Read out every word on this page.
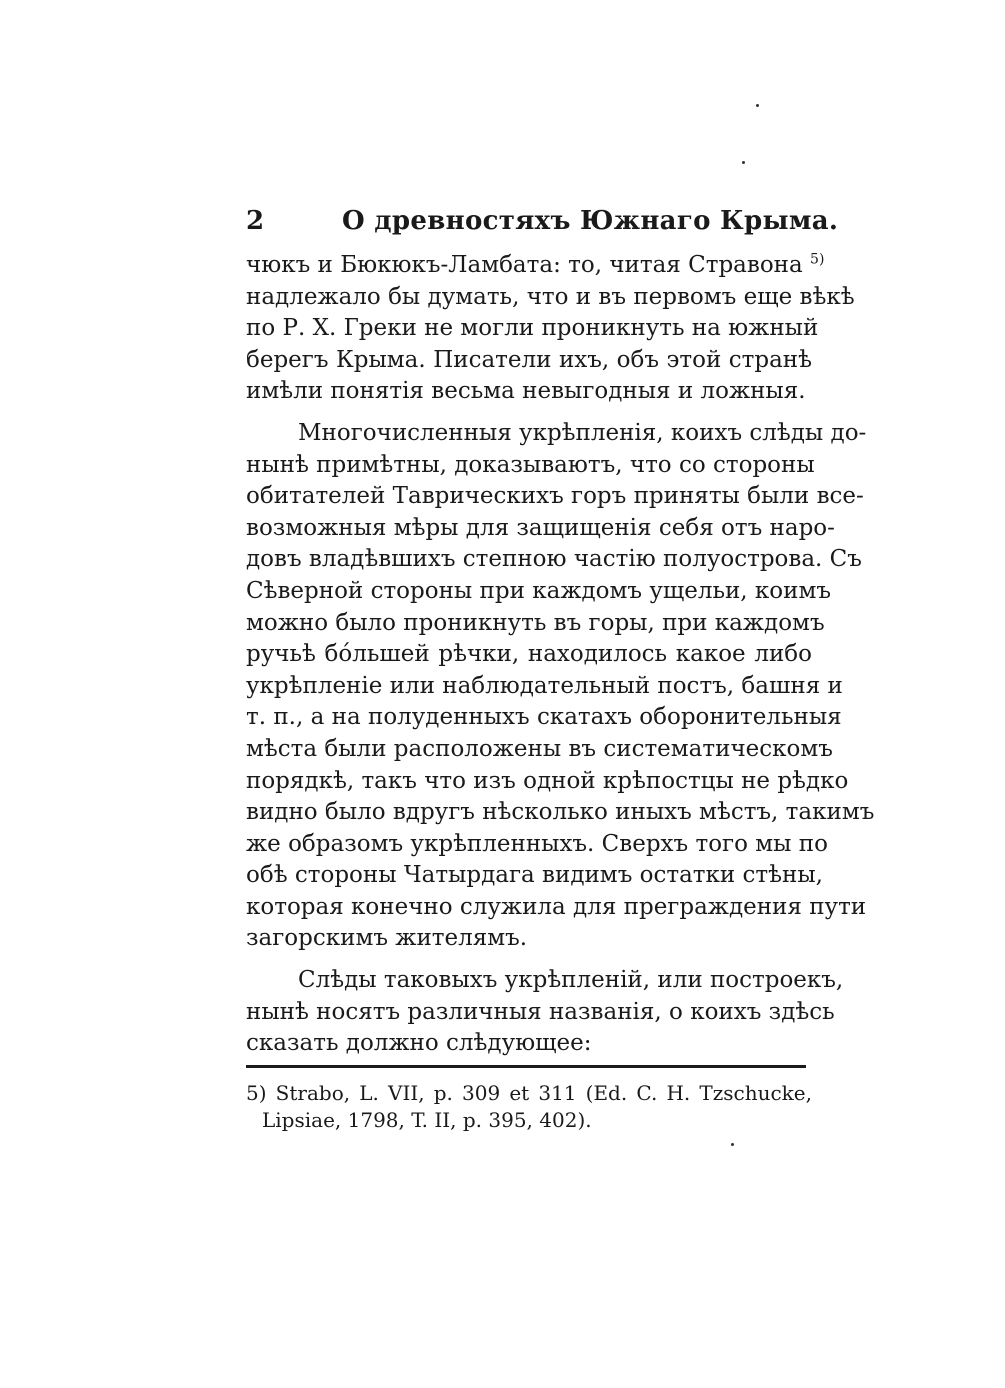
2	О древностяхъ Южнаго Крыма.
чюкъ и Бюкюкъ-Ламбата: то, читая Стравона $^{5)}$
надлежало бы думать, что и въ первомъ еще вѣкѣ
по Р. Х. Греки не могли проникнуть на южный
берегъ Крыма. Писатели ихъ, объ этой странѣ
имѣли понятія весьма невыгодныя и ложныя.
Многочисленныя укрѣпленія, коихъ слѣды до-
нынѣ примѣтны, доказываютъ, что со стороны
обитателей Таврическихъ горъ приняты были все-
возможныя мѣры для защищенія себя отъ наро-
довъ владѣвшихъ степною частію полуострова. Съ
Сѣверной стороны при каждомъ ущельи, коимъ
можно было проникнуть въ горы, при каждомъ
ручьѣ бо́льшей рѣчки, находилось какое либо
укрѣпленіе или наблюдательный постъ, башня и
т. п., а на полуденныхъ скатахъ оборонительныя
мѣста были расположены въ систематическомъ
порядкѣ, такъ что изъ одной крѣпостцы не рѣдко
видно было вдругъ нѣсколько иныхъ мѣстъ, такимъ
же образомъ укрѣпленныхъ. Сверхъ того мы по
обѣ стороны Чатырдага видимъ остатки стѣны,
которая конечно служила для преграждения пути
загорскимъ жителямъ.
Слѣды таковыхъ укрѣпленій, или построекъ,
нынѣ носятъ различныя названія, о коихъ здѣсь
сказать должно слѣдующее:
5) Strabo, L. VII, p. 309 et 311 (Ed. C. H. Tzschucke,
Lipsiae, 1798, T. II, p. 395, 402).
